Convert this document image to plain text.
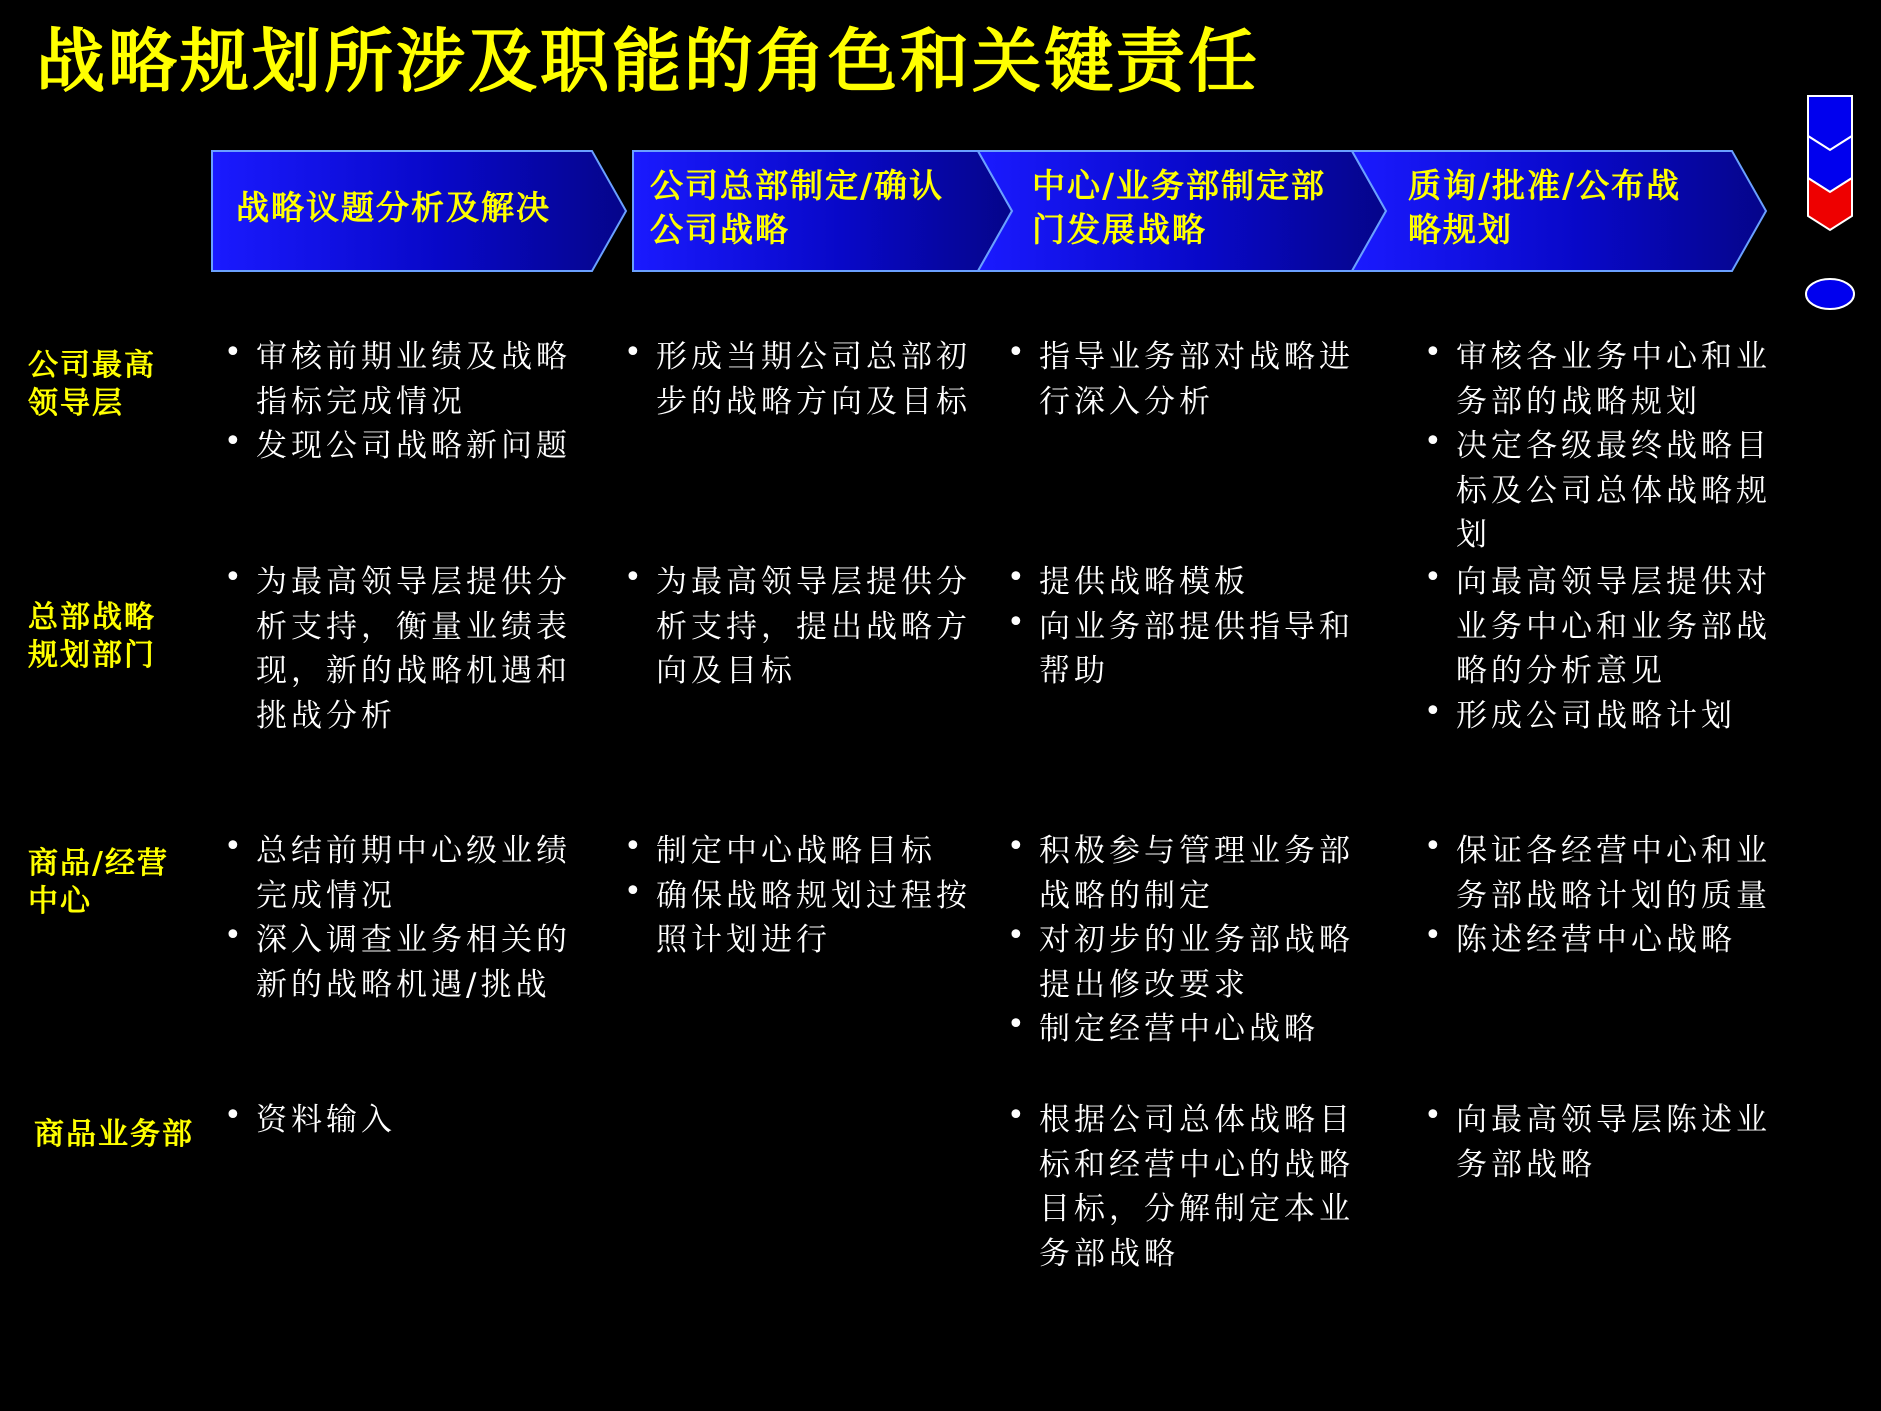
战略规划所涉及职能的角色和关键责任
战略议题分析及解决
公司总部制定/确认公司战略
中心/业务部制定部门发展战略
质询/批准/公布战略规划
公司最高领导层
总部战略规划部门
商品/经营中心
商品业务部
• 审核前期业绩及战略指标完成情况
• 发现公司战略新问题
• 形成当期公司总部初步的战略方向及目标
• 指导业务部对战略进行深入分析
• 审核各业务中心和业务部的战略规划
• 决定各级最终战略目标及公司总体战略规划
• 为最高领导层提供分析支持，衡量业绩表现，新的战略机遇和挑战分析
• 为最高领导层提供分析支持，提出战略方向及目标
• 提供战略模板
• 向业务部提供指导和帮助
• 向最高领导层提供对业务中心和业务部战略的分析意见
• 形成公司战略计划
• 总结前期中心级业绩完成情况
• 深入调查业务相关的新的战略机遇/挑战
• 制定中心战略目标
• 确保战略规划过程按照计划进行
• 积极参与管理业务部战略的制定
• 对初步的业务部战略提出修改要求
• 制定经营中心战略
• 保证各经营中心和业务部战略计划的质量
• 陈述经营中心战略
• 资料输入
•	根据公司总体战略目标和经营中心的战略目标，分解制定本业务部战略
• 向最高领导层陈述业务部战略
